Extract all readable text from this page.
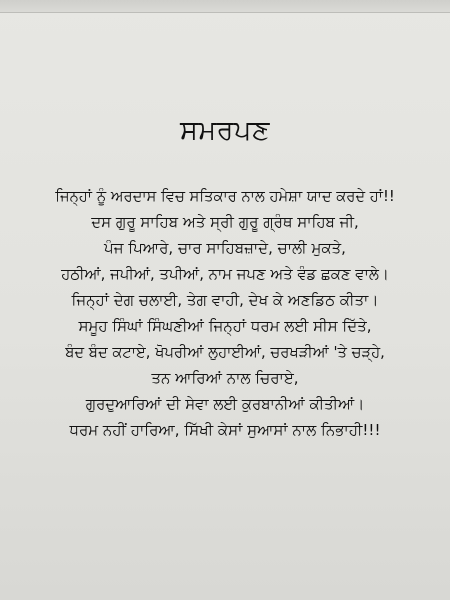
ਸਮਰਪਣ
ਜਿਨ੍ਹਾਂ ਨੂੰ ਅਰਦਾਸ ਵਿਚ ਸਤਿਕਾਰ ਨਾਲ ਹਮੇਸ਼ਾ ਯਾਦ ਕਰਦੇ ਹਾਂ!!
ਦਸ ਗੁਰੂ ਸਾਹਿਬ ਅਤੇ ਸ੍ਰੀ ਗੁਰੂ ਗ੍ਰੰਥ ਸਾਹਿਬ ਜੀ,
ਪੰਜ ਪਿਆਰੇ, ਚਾਰ ਸਾਹਿਬਜ਼ਾਦੇ, ਚਾਲੀ ਮੁਕਤੇ,
ਹਠੀਆਂ, ਜਪੀਆਂ, ਤਪੀਆਂ, ਨਾਮ ਜਪਣ ਅਤੇ ਵੰਡ ਛਕਣ ਵਾਲੇ।
ਜਿਨ੍ਹਾਂ ਦੇਗ ਚਲਾਈ, ਤੇਗ ਵਾਹੀ, ਦੇਖ ਕੇ ਅਣਡਿਠ ਕੀਤਾ।
ਸਮੂਹ ਸਿੰਘਾਂ ਸਿੰਘਣੀਆਂ ਜਿਨ੍ਹਾਂ ਧਰਮ ਲਈ ਸੀਸ ਦਿੱਤੇ,
ਬੰਦ ਬੰਦ ਕਟਾਏ, ਖੋਪਰੀਆਂ ਲੁਹਾਈਆਂ, ਚਰਖੜੀਆਂ 'ਤੇ ਚੜ੍ਹੇ,
ਤਨ ਆਰਿਆਂ ਨਾਲ ਚਿਰਾਏ,
ਗੁਰਦੁਆਰਿਆਂ ਦੀ ਸੇਵਾ ਲਈ ਕੁਰਬਾਨੀਆਂ ਕੀਤੀਆਂ।
ਧਰਮ ਨਹੀਂ ਹਾਰਿਆ, ਸਿੱਖੀ ਕੇਸਾਂ ਸੁਆਸਾਂ ਨਾਲ ਨਿਭਾਹੀ!!!
